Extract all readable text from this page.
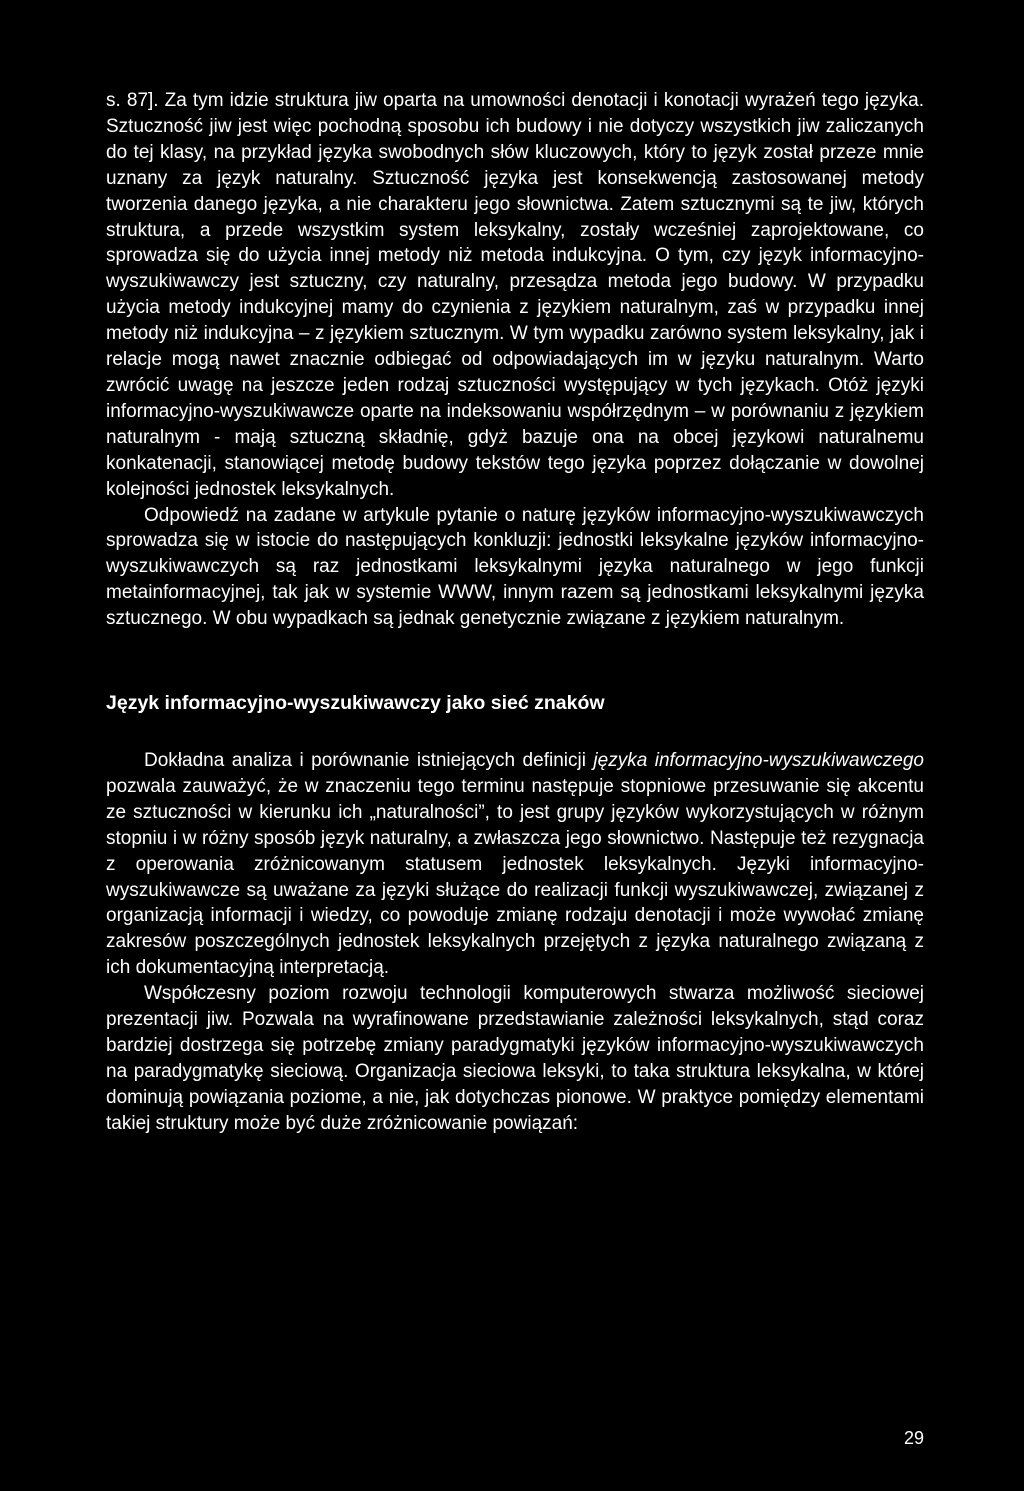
s. 87]. Za tym idzie struktura jiw oparta na umowności denotacji i konotacji wyrażeń tego języka. Sztuczność jiw jest więc pochodną sposobu ich budowy i nie dotyczy wszystkich jiw zaliczanych do tej klasy, na przykład języka swobodnych słów kluczowych, który to język został przeze mnie uznany za język naturalny. Sztuczność języka jest konsekwencją zastosowanej metody tworzenia danego języka, a nie charakteru jego słownictwa. Zatem sztucznymi są te jiw, których struktura, a przede wszystkim system leksykalny, zostały wcześniej zaprojektowane, co sprowadza się do użycia innej metody niż metoda indukcyjna. O tym, czy język informacyjno-wyszukiwawczy jest sztuczny, czy naturalny, przesądza metoda jego budowy. W przypadku użycia metody indukcyjnej mamy do czynienia z językiem naturalnym, zaś w przypadku innej metody niż indukcyjna – z językiem sztucznym. W tym wypadku zarówno system leksykalny, jak i relacje mogą nawet znacznie odbiegać od odpowiadających im w języku naturalnym. Warto zwrócić uwagę na jeszcze jeden rodzaj sztuczności występujący w tych językach. Otóż języki informacyjno-wyszukiwawcze oparte na indeksowaniu współrzędnym – w porównaniu z językiem naturalnym - mają sztuczną składnię, gdyż bazuje ona na obcej językowi naturalnemu konkatenacji, stanowiącej metodę budowy tekstów tego języka poprzez dołączanie w dowolnej kolejności jednostek leksykalnych.

Odpowiedź na zadane w artykule pytanie o naturę języków informacyjno-wyszukiwawczych sprowadza się w istocie do następujących konkluzji: jednostki leksykalne języków informacyjno-wyszukiwawczych są raz jednostkami leksykalnymi języka naturalnego w jego funkcji metainformacyjnej, tak jak w systemie WWW, innym razem są jednostkami leksykalnymi języka sztucznego. W obu wypadkach są jednak genetycznie związane z językiem naturalnym.

Język informacyjno-wyszukiwawczy jako sieć znaków

Dokładna analiza i porównanie istniejących definicji języka informacyjno-wyszukiwawczego pozwala zauważyć, że w znaczeniu tego terminu następuje stopniowe przesuwanie się akcentu ze sztuczności w kierunku ich „naturalności”, to jest grupy języków wykorzystujących w różnym stopniu i w różny sposób język naturalny, a zwłaszcza jego słownictwo. Następuje też rezygnacja z operowania zróżnicowanym statusem jednostek leksykalnych. Języki informacyjno-wyszukiwawcze są uważane za języki służące do realizacji funkcji wyszukiwawczej, związanej z organizacją informacji i wiedzy, co powoduje zmianę rodzaju denotacji i może wywołać zmianę zakresów poszczególnych jednostek leksykalnych przejętych z języka naturalnego związaną z ich dokumentacyjną interpretacją.

Współczesny poziom rozwoju technologii komputerowych stwarza możliwość sieciowej prezentacji jiw. Pozwala na wyrafinowane przedstawianie zależności leksykalnych, stąd coraz bardziej dostrzega się potrzebę zmiany paradygmatyki języków informacyjno-wyszukiwawczych na paradygmatykę sieciową. Organizacja sieciowa leksyki, to taka struktura leksykalna, w której dominują powiązania poziome, a nie, jak dotychczas pionowe. W praktyce pomiędzy elementami takiej struktury może być duże zróżnicowanie powiązań:

29
